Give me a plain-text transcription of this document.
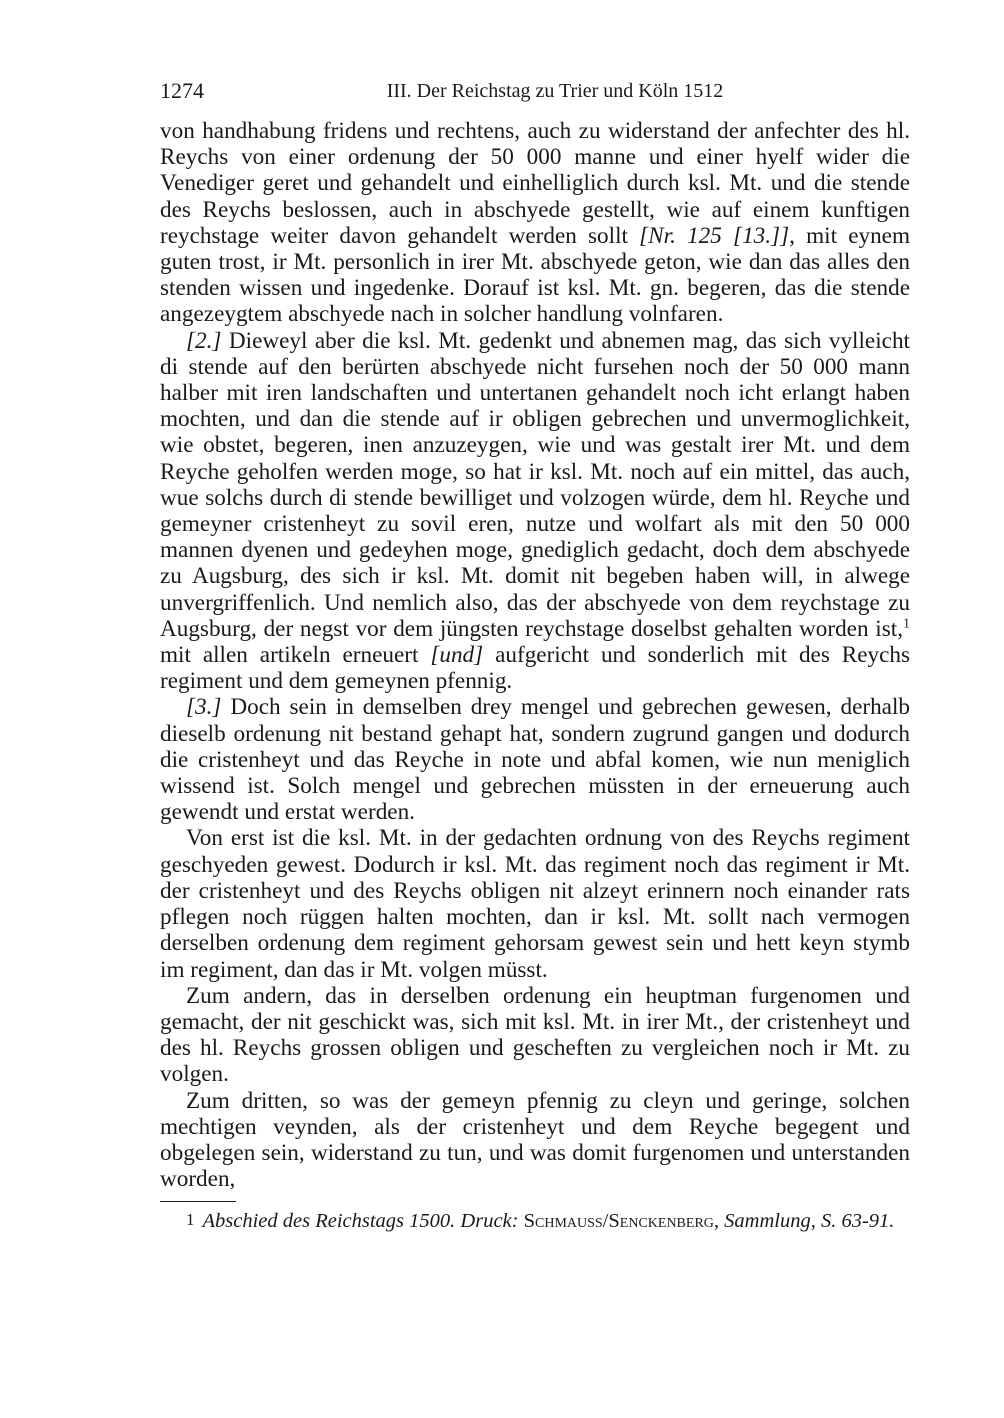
1274	III. Der Reichstag zu Trier und Köln 1512

von handhabung fridens und rechtens, auch zu widerstand der anfechter des hl. Reychs von einer ordenung der 50 000 manne und einer hyelf wider die Venediger geret und gehandelt und einhelliglich durch ksl. Mt. und die stende des Reychs beslossen, auch in abschyede gestellt, wie auf einem kunftigen reychstage weiter davon gehandelt werden sollt [Nr. 125 [13.]], mit eynem guten trost, ir Mt. personlich in irer Mt. abschyede geton, wie dan das alles den stenden wissen und ingedenke. Dorauf ist ksl. Mt. gn. begeren, das die stende angezeygtem abschyede nach in solcher handlung volnfaren.

[2.] Dieweyl aber die ksl. Mt. gedenkt und abnemen mag, das sich vylleicht di stende auf den berürten abschyede nicht fursehen noch der 50 000 mann halber mit iren landschaften und untertanen gehandelt noch icht erlangt haben mochten, und dan die stende auf ir obligen gebrechen und unvermoglichkeit, wie obstet, begeren, inen anzuzeygen, wie und was gestalt irer Mt. und dem Reyche geholfen werden moge, so hat ir ksl. Mt. noch auf ein mittel, das auch, wue solchs durch di stende bewilliget und volzogen würde, dem hl. Reyche und gemeyner cristenheyt zu sovil eren, nutze und wolfart als mit den 50 000 mannen dyenen und gedeyhen moge, gnediglich gedacht, doch dem abschyede zu Augsburg, des sich ir ksl. Mt. domit nit begeben haben will, in alwege unvergriffenlich. Und nemlich also, das der abschyede von dem reychstage zu Augsburg, der negst vor dem jüngsten reychstage doselbst gehalten worden ist,$^1$ mit allen artikeln erneuert [und] aufgericht und sonderlich mit des Reychs regiment und dem gemeynen pfennig.

[3.] Doch sein in demselben drey mengel und gebrechen gewesen, derhalb dieselb ordenung nit bestand gehapt hat, sondern zugrund gangen und dodurch die cristenheyt und das Reyche in note und abfal komen, wie nun meniglich wissend ist. Solch mengel und gebrechen müssten in der erneuerung auch gewendt und erstat werden.

Von erst ist die ksl. Mt. in der gedachten ordnung von des Reychs regiment geschyeden gewest. Dodurch ir ksl. Mt. das regiment noch das regiment ir Mt. der cristenheyt und des Reychs obligen nit alzeyt erinnern noch einander rats pflegen noch rüggen halten mochten, dan ir ksl. Mt. sollt nach vermogen derselben ordenung dem regiment gehorsam gewest sein und hett keyn stymb im regiment, dan das ir Mt. volgen müsst.

Zum andern, das in derselben ordenung ein heuptman furgenomen und gemacht, der nit geschickt was, sich mit ksl. Mt. in irer Mt., der cristenheyt und des hl. Reychs grossen obligen und gescheften zu vergleichen noch ir Mt. zu volgen.

Zum dritten, so was der gemeyn pfennig zu cleyn und geringe, solchen mechtigen veynden, als der cristenheyt und dem Reyche begegent und obgelegen sein, widerstand zu tun, und was domit furgenomen und unterstanden worden,

1 Abschied des Reichstags 1500. Druck: Schmauss/Senckenberg, Sammlung, S. 63-91.
